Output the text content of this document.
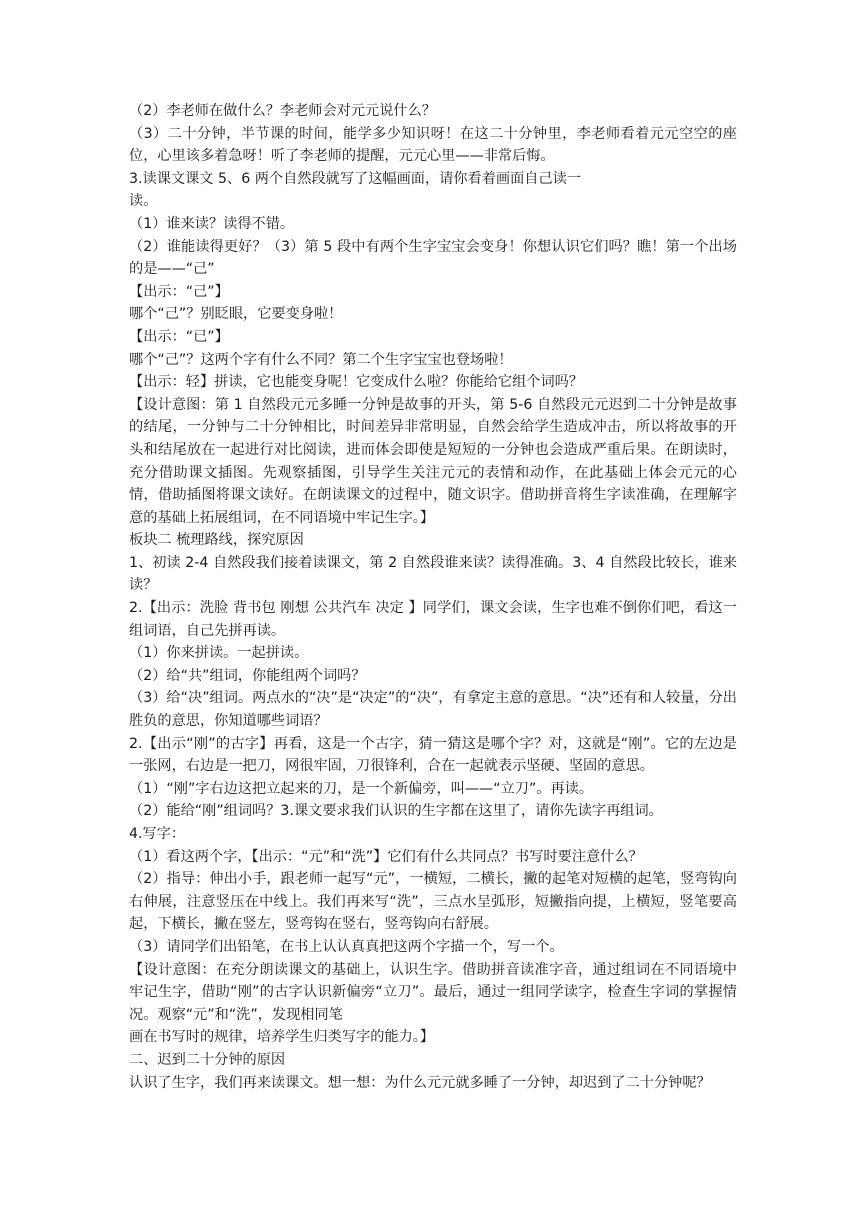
（2）李老师在做什么？李老师会对元元说什么？

（3）二十分钟，半节课的时间，能学多少知识呀！在这二十分钟里，李老师看着元元空空的座位，心里该多着急呀！听了李老师的提醒，元元心里——非常后悔。

3.读课文课文 5、6 两个自然段就写了这幅画面，请你看着画面自己读一

读。

（1）谁来读？读得不错。

（2）谁能读得更好？（3）第 5 段中有两个生字宝宝会变身！你想认识它们吗？瞧！第一个出场的是——“己”

【出示：“己”】

哪个“己”？别眨眼，它要变身啦！

【出示：“已”】

哪个“己”？这两个字有什么不同？第二个生字宝宝也登场啦！

【出示：轻】拼读，它也能变身呢！它变成什么啦？你能给它组个词吗？

【设计意图：第 1 自然段元元多睡一分钟是故事的开头，第 5-6 自然段元元迟到二十分钟是故事的结尾，一分钟与二十分钟相比，时间差异非常明显，自然会给学生造成冲击，所以将故事的开头和结尾放在一起进行对比阅读，进而体会即使是短短的一分钟也会造成严重后果。在朗读时，充分借助课文插图。先观察插图，引导学生关注元元的表情和动作，在此基础上体会元元的心情，借助插图将课文读好。在朗读课文的过程中，随文识字。借助拼音将生字读准确，在理解字意的基础上拓展组词，在不同语境中牢记生字。】

板块二 梳理路线，探究原因

1、初读 2-4 自然段我们接着读课文，第 2 自然段谁来读？读得准确。3、4 自然段比较长，谁来读？

2.【出示：洗脸 背书包 刚想 公共汽车 决定 】同学们，课文会读，生字也难不倒你们吧，看这一组词语，自己先拼再读。

（1）你来拼读。一起拼读。

（2）给“共”组词，你能组两个词吗？

（3）给“决”组词。两点水的“决”是“决定”的“决”，有拿定主意的意思。“决”还有和人较量，分出胜负的意思，你知道哪些词语？

2.【出示“刚”的古字】再看，这是一个古字，猜一猜这是哪个字？对，这就是“刚”。它的左边是一张网，右边是一把刀，网很牢固，刀很锋利，合在一起就表示坚硬、坚固的意思。

（1）“刚”字右边这把立起来的刀，是一个新偏旁，叫——“立刀”。再读。

（2）能给“刚”组词吗？3.课文要求我们认识的生字都在这里了，请你先读字再组词。

4.写字：

（1）看这两个字，【出示：“元”和“洗”】它们有什么共同点？书写时要注意什么？

（2）指导：伸出小手，跟老师一起写“元”，一横短，二横长，撇的起笔对短横的起笔，竖弯钩向右伸展，注意竖压在中线上。我们再来写“洗”，三点水呈弧形，短撇指向提，上横短，竖笔要高起，下横长，撇在竖左，竖弯钩在竖右，竖弯钩向右舒展。

（3）请同学们出铅笔，在书上认认真真把这两个字描一个，写一个。

【设计意图：在充分朗读课文的基础上，认识生字。借助拼音读准字音，通过组词在不同语境中牢记生字，借助“刚”的古字认识新偏旁“立刀”。最后，通过一组同学读字，检查生字词的掌握情况。观察“元”和“洗”，发现相同笔

画在书写时的规律，培养学生归类写字的能力。】

二、迟到二十分钟的原因

认识了生字，我们再来读课文。想一想：为什么元元就多睡了一分钟，却迟到了二十分钟呢？
